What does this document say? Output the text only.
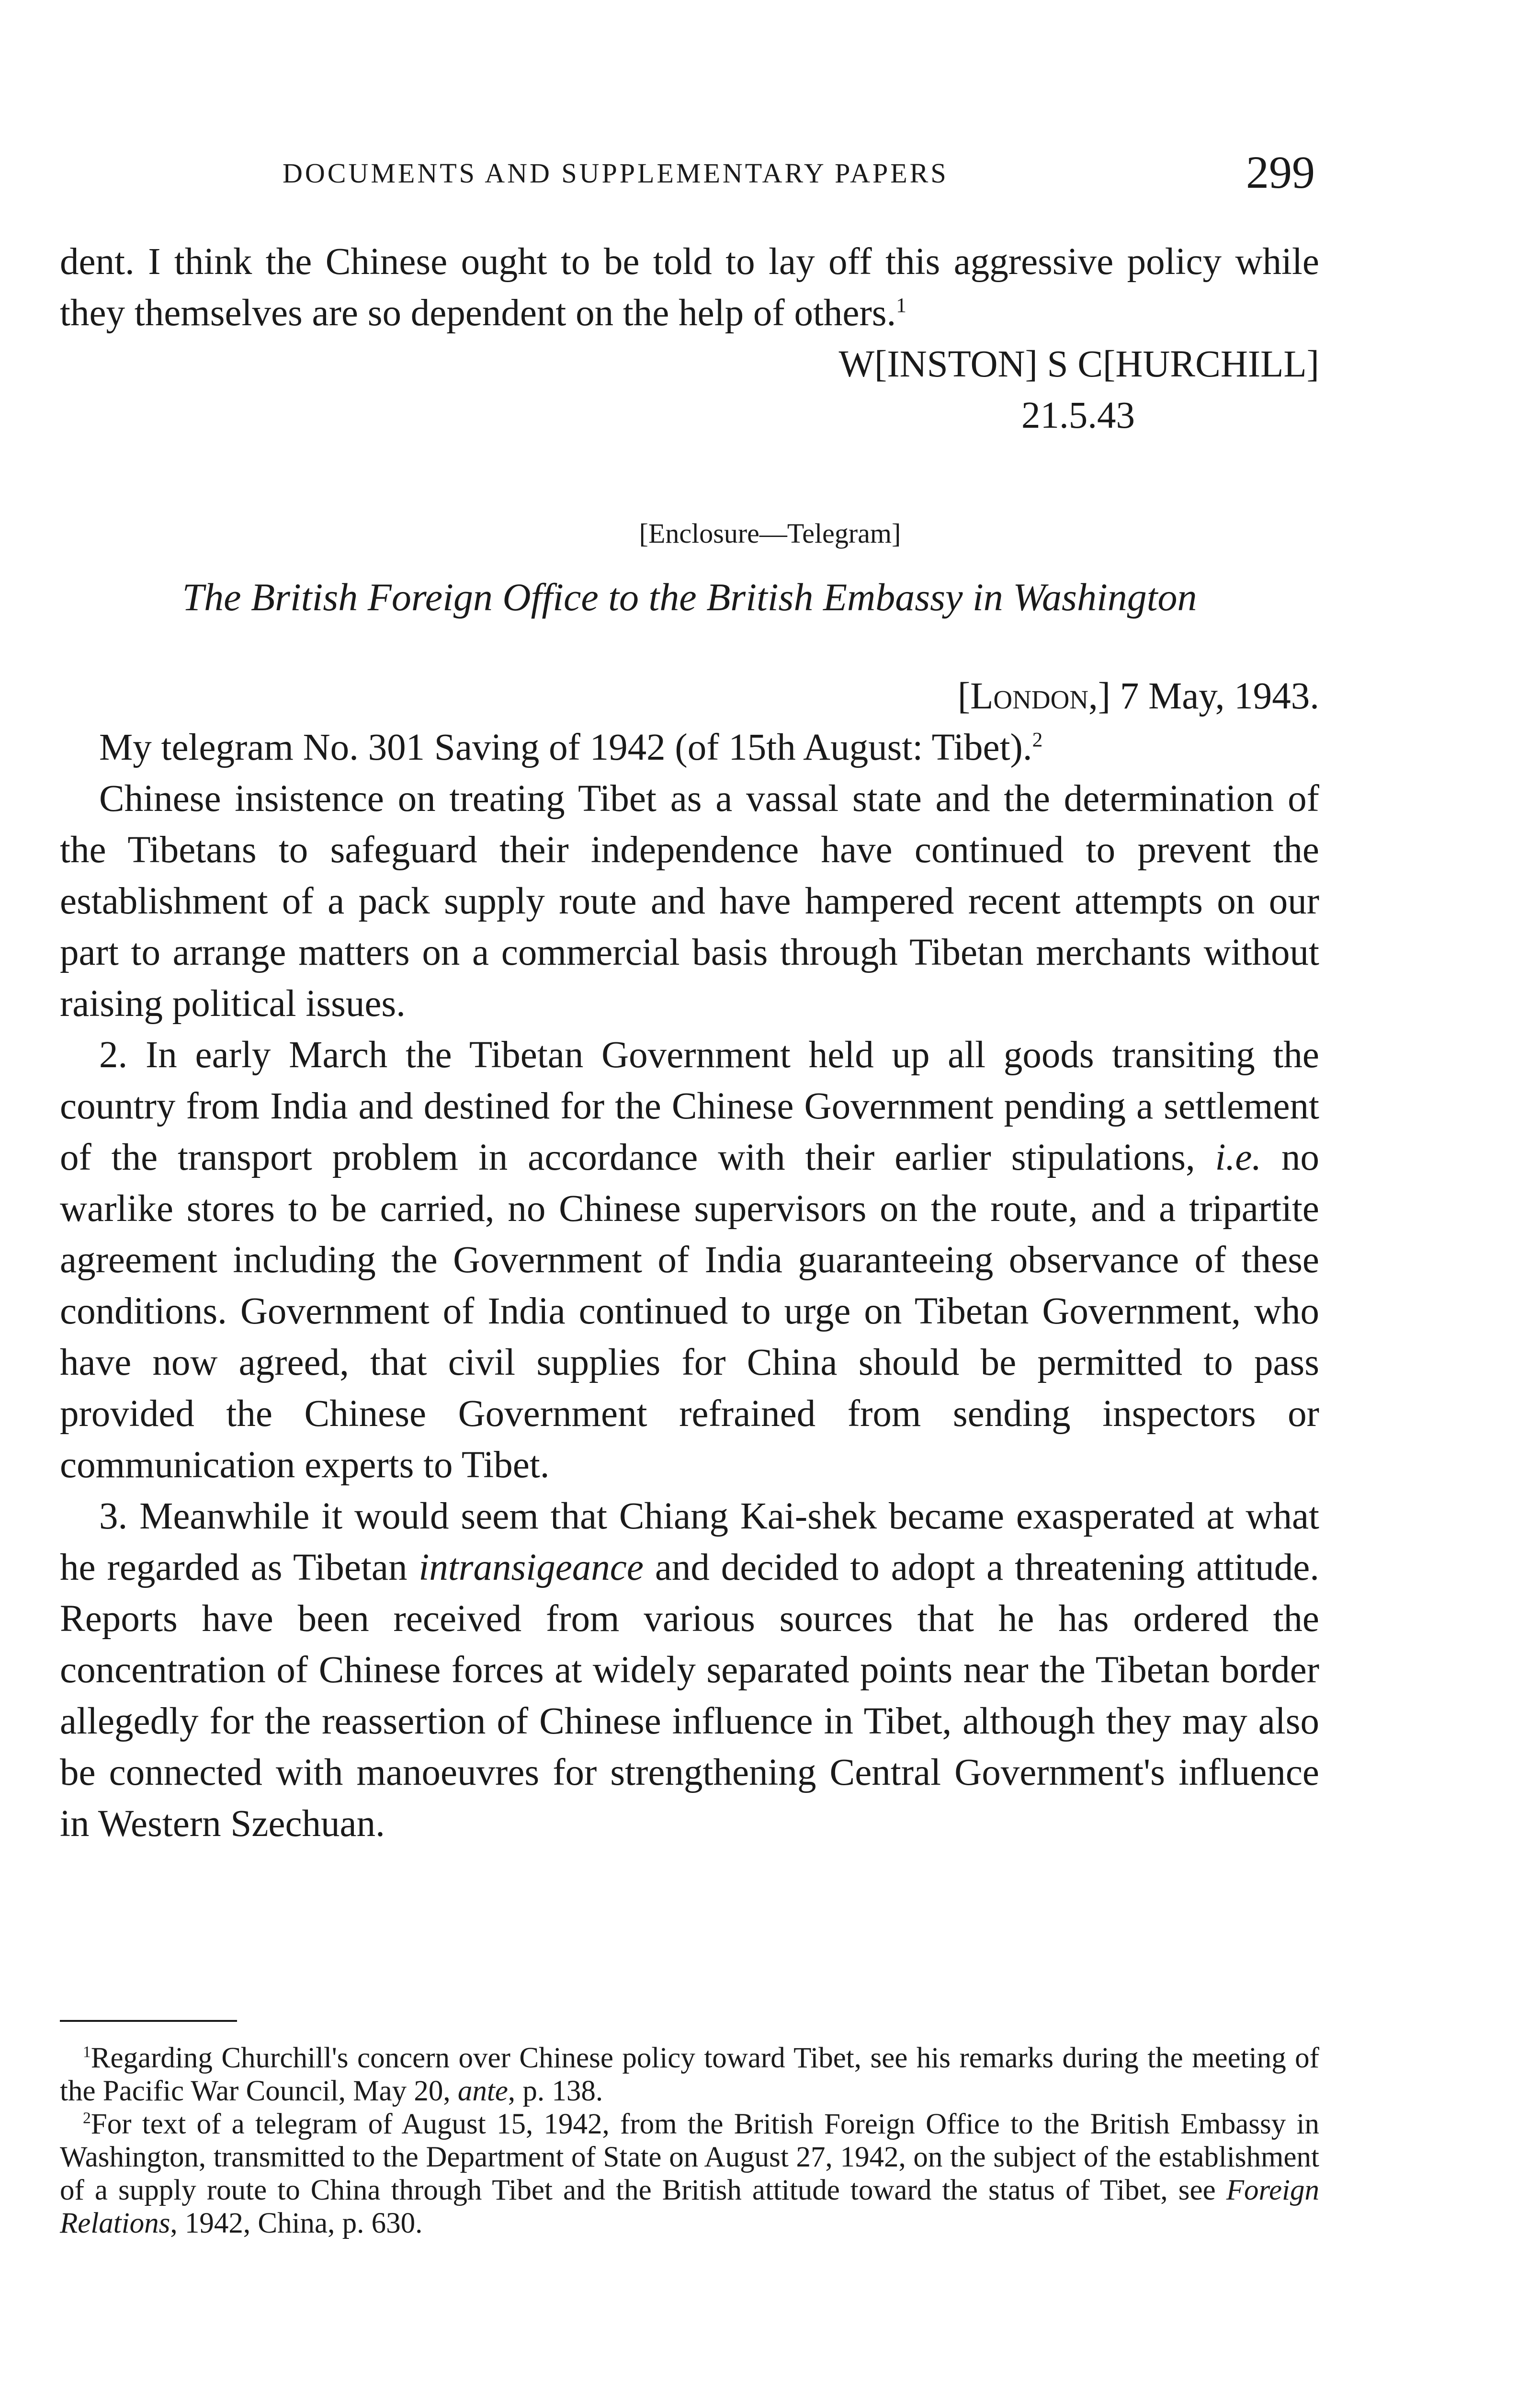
DOCUMENTS AND SUPPLEMENTARY PAPERS	299

dent. I think the Chinese ought to be told to lay off this aggressive policy while they themselves are so dependent on the help of others.$^1$

W[INSTON] S C[HURCHILL]

21.5.43

[Enclosure—Telegram]
The British Foreign Office to the British Embassy in Washington

[London,] 7 May, 1943.

My telegram No. 301 Saving of 1942 (of 15th August: Tibet).$^2$

Chinese insistence on treating Tibet as a vassal state and the determination of the Tibetans to safeguard their independence have continued to prevent the establishment of a pack supply route and have hampered recent attempts on our part to arrange matters on a commercial basis through Tibetan merchants without raising political issues.

2. In early March the Tibetan Government held up all goods transiting the country from India and destined for the Chinese Government pending a settlement of the transport problem in accordance with their earlier stipulations, i.e. no warlike stores to be carried, no Chinese supervisors on the route, and a tripartite agreement including the Government of India guaranteeing observance of these conditions. Government of India continued to urge on Tibetan Government, who have now agreed, that civil supplies for China should be permitted to pass provided the Chinese Government refrained from sending inspectors or communication experts to Tibet.

3. Meanwhile it would seem that Chiang Kai-shek became exasperated at what he regarded as Tibetan intransigeance and decided to adopt a threatening attitude. Reports have been received from various sources that he has ordered the concentration of Chinese forces at widely separated points near the Tibetan border allegedly for the reassertion of Chinese influence in Tibet, although they may also be connected with manoeuvres for strengthening Central Government's influence in Western Szechuan.

$^1$Regarding Churchill's concern over Chinese policy toward Tibet, see his remarks during the meeting of the Pacific War Council, May 20, ante, p. 138.

$^2$For text of a telegram of August 15, 1942, from the British Foreign Office to the British Embassy in Washington, transmitted to the Department of State on August 27, 1942, on the subject of the establishment of a supply route to China through Tibet and the British attitude toward the status of Tibet, see Foreign Relations, 1942, China, p. 630.
